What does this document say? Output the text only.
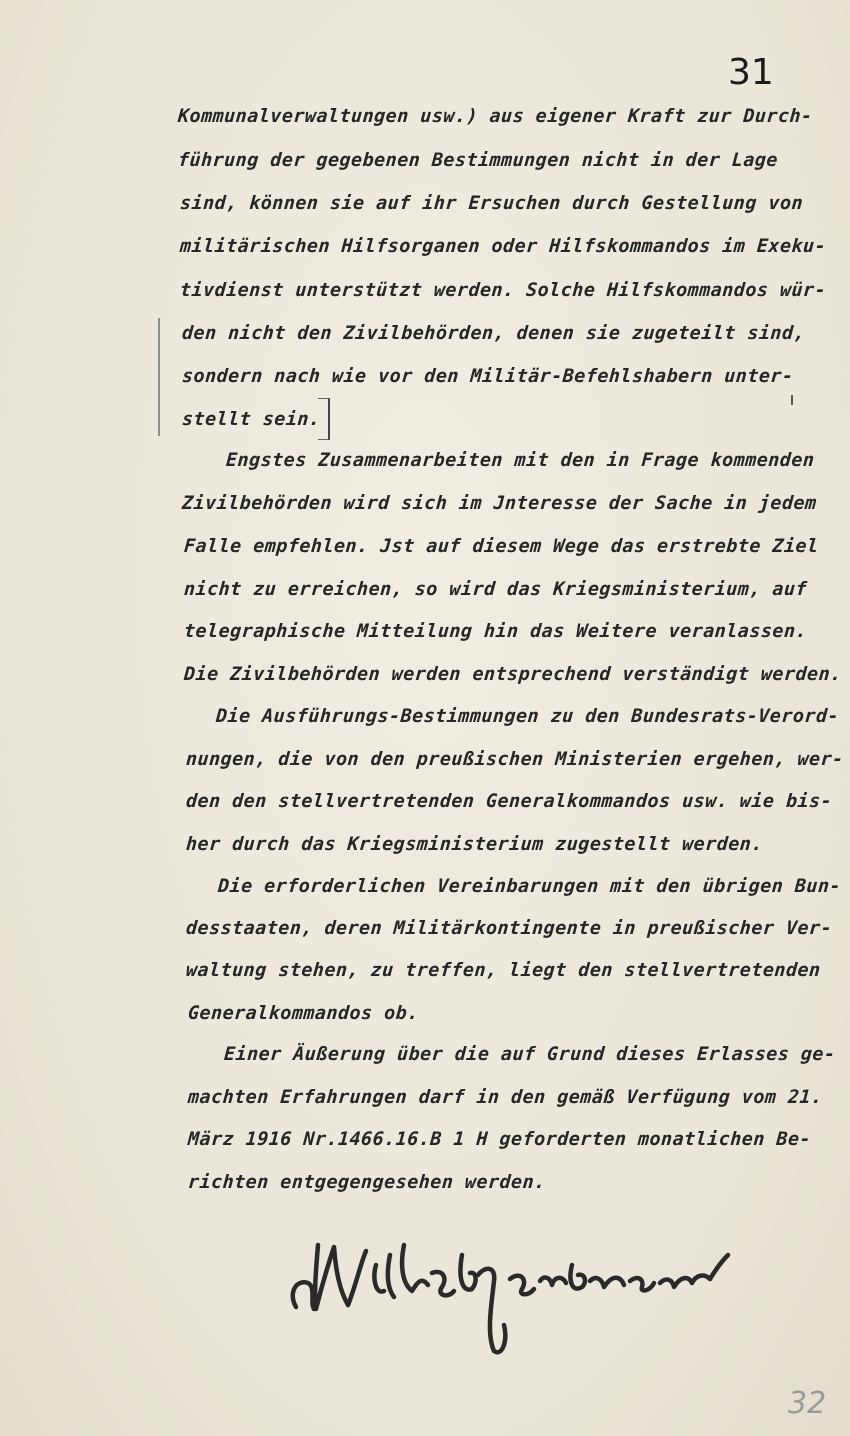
31
Kommunalverwaltungen usw.) aus eigener Kraft zur Durch-
führung der gegebenen Bestimmungen nicht in der Lage
sind, können sie auf ihr Ersuchen durch Gestellung von
militärischen Hilfsorganen oder Hilfskommandos im Exeku-
tivdienst unterstützt werden. Solche Hilfskommandos wür-
den nicht den Zivilbehörden, denen sie zugeteilt sind,
sondern nach wie vor den Militär-Befehlshabern unter-
stellt sein.
Engstes Zusammenarbeiten mit den in Frage kommenden
Zivilbehörden wird sich im Jnteresse der Sache in jedem
Falle empfehlen. Jst auf diesem Wege das erstrebte Ziel
nicht zu erreichen, so wird das Kriegsministerium, auf
telegraphische Mitteilung hin das Weitere veranlassen.
Die Zivilbehörden werden entsprechend verständigt werden.
Die Ausführungs-Bestimmungen zu den Bundesrats-Verord-
nungen, die von den preußischen Ministerien ergehen, wer-
den den stellvertretenden Generalkommandos usw. wie bis-
her durch das Kriegsministerium zugestellt werden.
Die erforderlichen Vereinbarungen mit den übrigen Bun-
desstaaten, deren Militärkontingente in preußischer Ver-
waltung stehen, zu treffen, liegt den stellvertretenden
Generalkommandos ob.
Einer Äußerung über die auf Grund dieses Erlasses ge-
machten Erfahrungen darf in den gemäß Verfügung vom 21.
März 1916 Nr.1466.16.B 1 H geforderten monatlichen Be-
richten entgegengesehen werden.
32
